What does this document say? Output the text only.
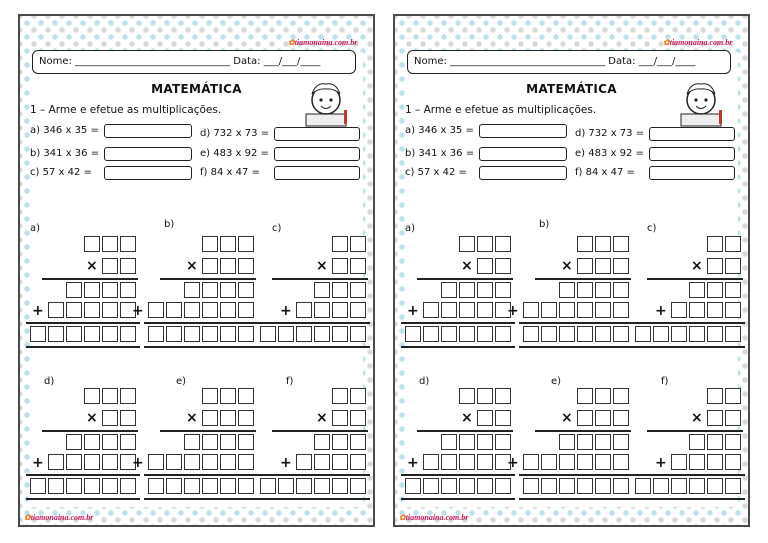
✿tiamonaina.com.br
Nome: _______________________________ Data: ___/___/____
MATEMÁTICA
1 – Arme e efetue as multiplicações.
a) 346 x 35 =
b) 341 x 36 =
c) 57 x 42 =
d) 732 x 73 =
e) 483 x 92 =
f) 84 x 47 =
a)
×
+
b)
×
+
c)
×
+
d)
×
+
e)
×
+
f)
×
+
✿tiamonaina.com.br
✿tiamonaina.com.br
Nome: _______________________________ Data: ___/___/____
MATEMÁTICA
1 – Arme e efetue as multiplicações.
a) 346 x 35 =
b) 341 x 36 =
c) 57 x 42 =
d) 732 x 73 =
e) 483 x 92 =
f) 84 x 47 =
a)
×
+
b)
×
+
c)
×
+
d)
×
+
e)
×
+
f)
×
+
✿tiamonaina.com.br
